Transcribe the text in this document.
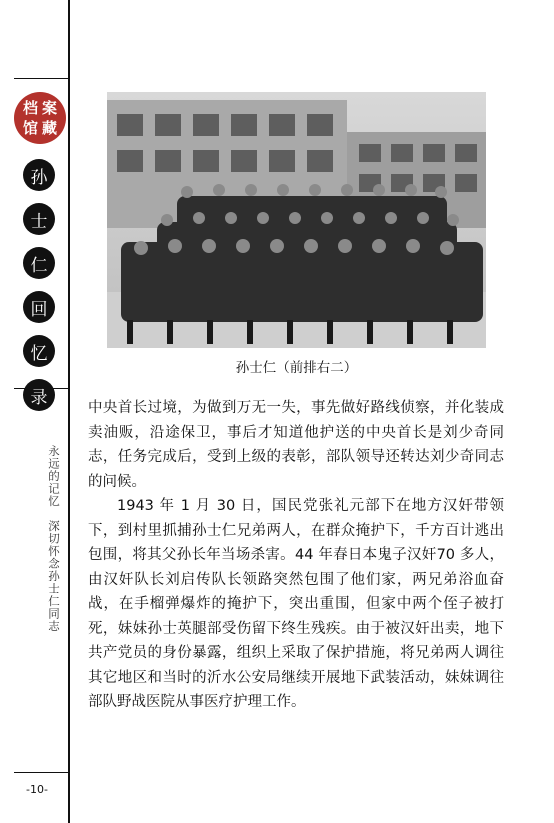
档 案
馆 藏
孙
士
仁
回
忆
录
永远的记忆深切怀念孙士仁同志
孙士仁（前排右二）

中央首长过境，为做到万无一失，事先做好路线侦察，并化装成卖油贩，沿途保卫，事后才知道他护送的中央首长是刘少奇同志，任务完成后，受到上级的表彰，部队领导还转达刘少奇同志的问候。

1943 年 1 月 30 日，国民党张礼元部下在地方汉奸带领下，到村里抓捕孙士仁兄弟两人，在群众掩护下，千方百计逃出包围，将其父孙长年当场杀害。44 年春日本鬼子汉奸70 多人，由汉奸队长刘启传队长领路突然包围了他们家，两兄弟浴血奋战，在手榴弹爆炸的掩护下，突出重围，但家中两个侄子被打死，妹妹孙士英腿部受伤留下终生残疾。由于被汉奸出卖，地下共产党员的身份暴露，组织上采取了保护措施，将兄弟两人调往其它地区和当时的沂水公安局继续开展地下武装活动，妹妹调往部队野战医院从事医疗护理工作。

-10-
